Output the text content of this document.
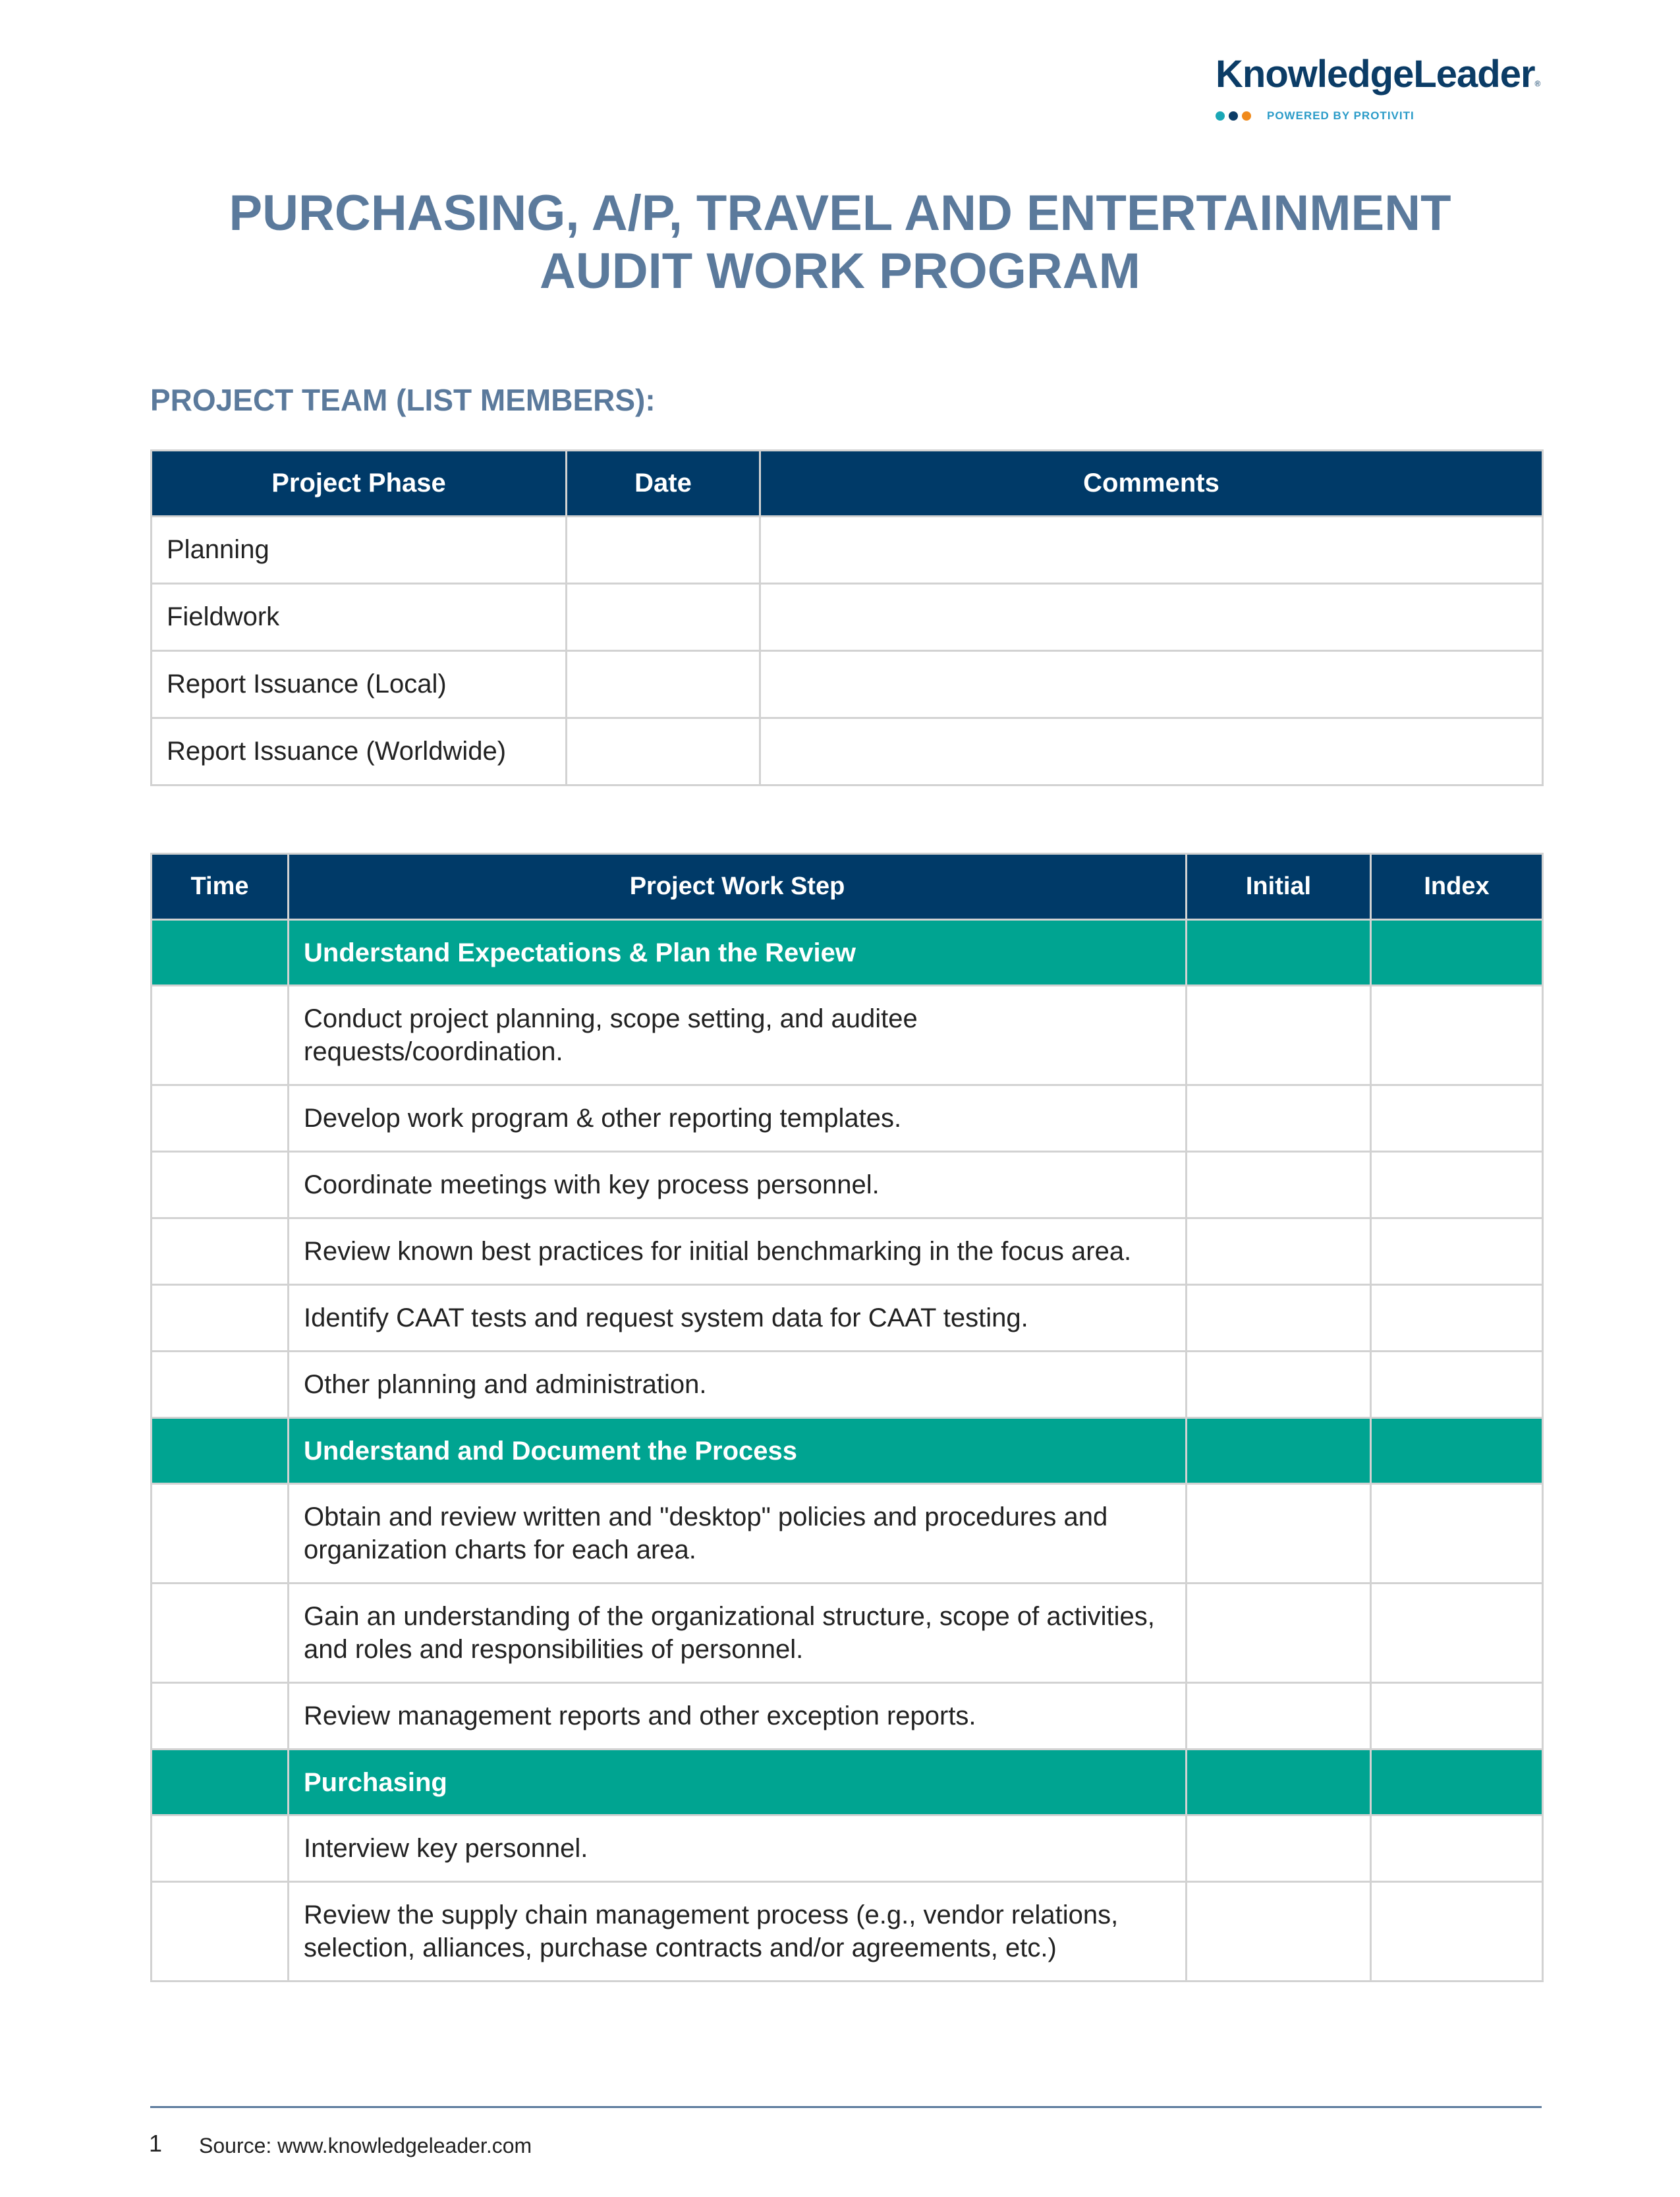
KnowledgeLeader®
POWERED BY PROTIVITI
PURCHASING, A/P, TRAVEL AND ENTERTAINMENT
AUDIT WORK PROGRAM
PROJECT TEAM (LIST MEMBERS):
Project Phase	Date	Comments
Planning		
Fieldwork		
Report Issuance (Local)		
Report Issuance (Worldwide)		
Time	Project Work Step	Initial	Index
	Understand Expectations & Plan the Review		
	Conduct project planning, scope setting, and auditee requests/coordination.		
	Develop work program & other reporting templates.		
	Coordinate meetings with key process personnel.		
	Review known best practices for initial benchmarking in the focus area.		
	Identify CAAT tests and request system data for CAAT testing.		
	Other planning and administration.		
	Understand and Document the Process		
	Obtain and review written and "desktop" policies and procedures and organization charts for each area.		
	Gain an understanding of the organizational structure, scope of activities, and roles and responsibilities of personnel.		
	Review management reports and other exception reports.		
	Purchasing		
	Interview key personnel.		
	Review the supply chain management process (e.g., vendor relations, selection, alliances, purchase contracts and/or agreements, etc.)		
1 Source: www.knowledgeleader.com
